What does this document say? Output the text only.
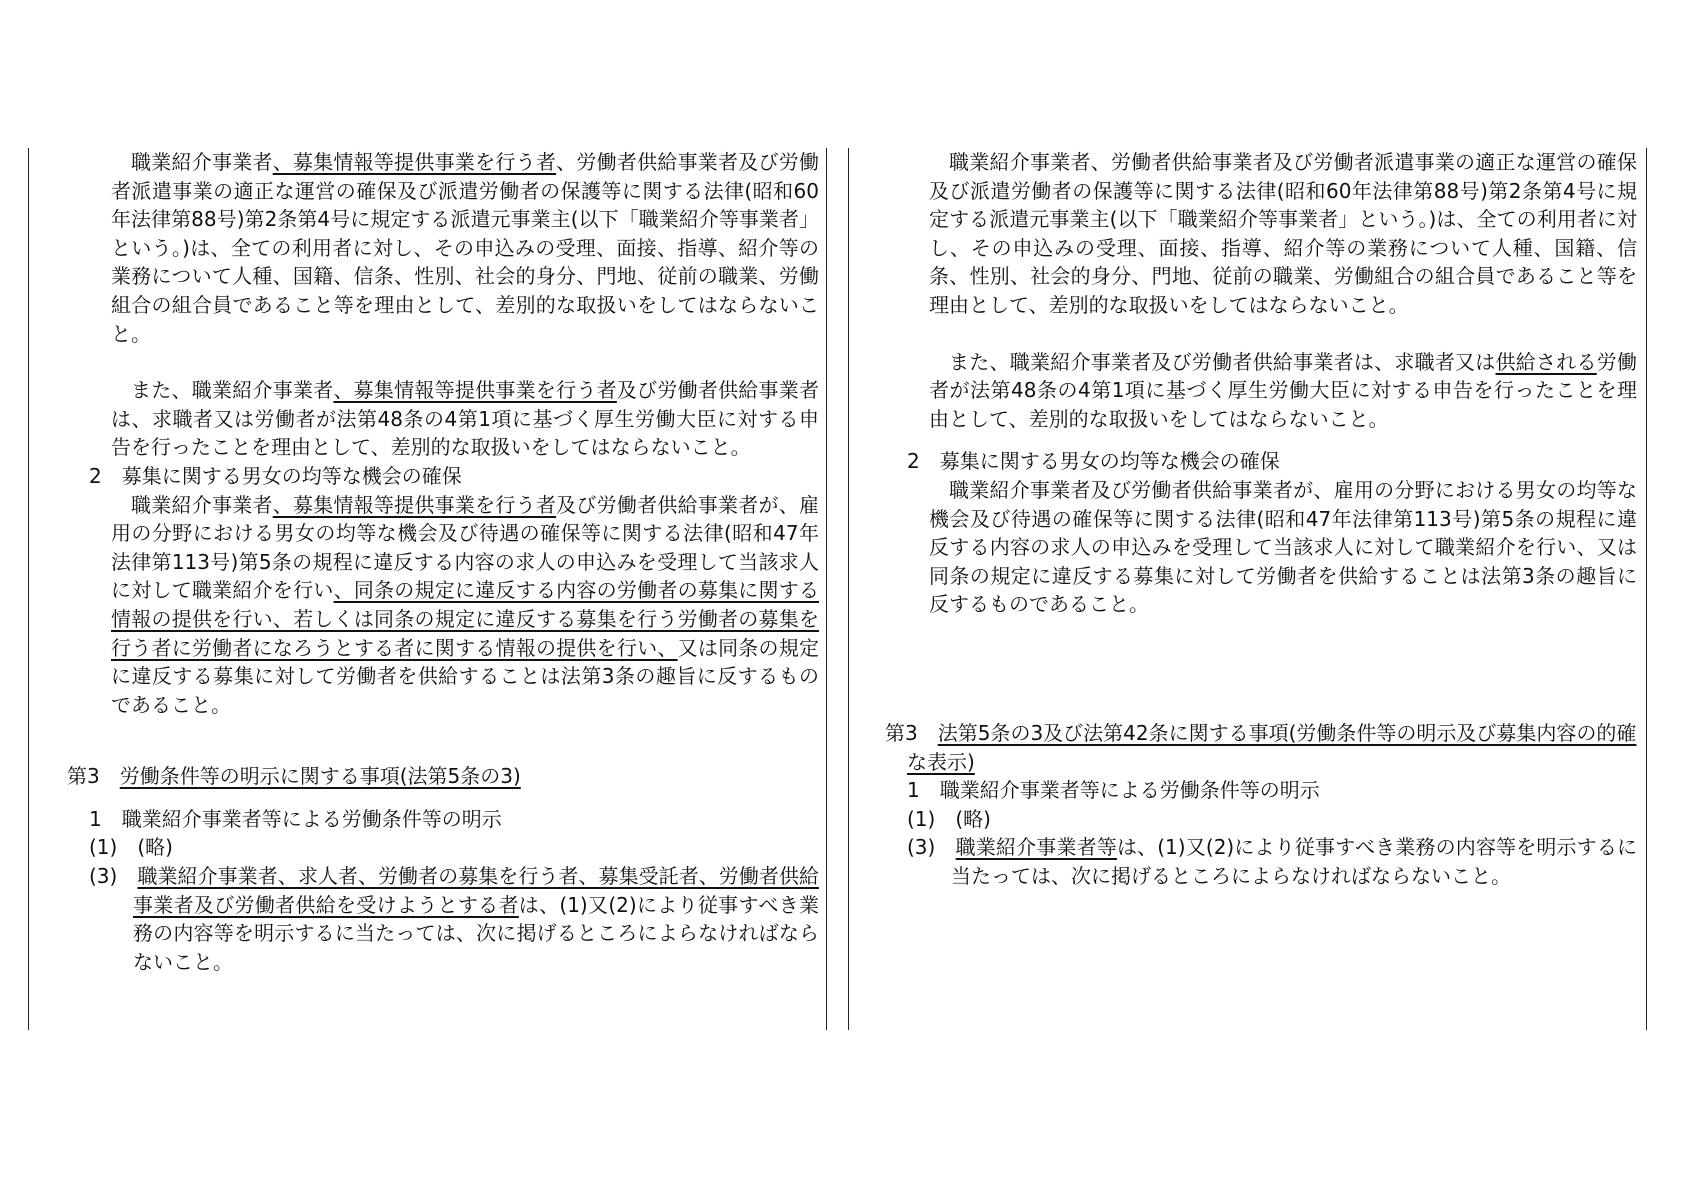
職業紹介事業者、募集情報等提供事業を行う者、労働者供給事業者及び労働者派遣事業の適正な運営の確保及び派遣労働者の保護等に関する法律(昭和60年法律第88号)第2条第4号に規定する派遣元事業主(以下「職業紹介等事業者」という。)は、全ての利用者に対し、その申込みの受理、面接、指導、紹介等の業務について人種、国籍、信条、性別、社会的身分、門地、従前の職業、労働組合の組合員であること等を理由として、差別的な取扱いをしてはならないこと。
また、職業紹介事業者、募集情報等提供事業を行う者及び労働者供給事業者は、求職者又は労働者が法第48条の4第1項に基づく厚生労働大臣に対する申告を行ったことを理由として、差別的な取扱いをしてはならないこと。
2　募集に関する男女の均等な機会の確保
職業紹介事業者、募集情報等提供事業を行う者及び労働者供給事業者が、雇用の分野における男女の均等な機会及び待遇の確保等に関する法律(昭和47年法律第113号)第5条の規程に違反する内容の求人の申込みを受理して当該求人に対して職業紹介を行い、同条の規定に違反する内容の労働者の募集に関する情報の提供を行い、若しくは同条の規定に違反する募集を行う労働者の募集を行う者に労働者になろうとする者に関する情報の提供を行い、又は同条の規定に違反する募集に対して労働者を供給することは法第3条の趣旨に反するものであること。
第3　労働条件等の明示に関する事項(法第5条の3)
1　職業紹介事業者等による労働条件等の明示
(1)　(略)
(3)　職業紹介事業者、求人者、労働者の募集を行う者、募集受託者、労働者供給事業者及び労働者供給を受けようとする者は、(1)又(2)により従事すべき業務の内容等を明示するに当たっては、次に掲げるところによらなければならないこと。
職業紹介事業者、労働者供給事業者及び労働者派遣事業の適正な運営の確保及び派遣労働者の保護等に関する法律(昭和60年法律第88号)第2条第4号に規定する派遣元事業主(以下「職業紹介等事業者」という。)は、全ての利用者に対し、その申込みの受理、面接、指導、紹介等の業務について人種、国籍、信条、性別、社会的身分、門地、従前の職業、労働組合の組合員であること等を理由として、差別的な取扱いをしてはならないこと。
また、職業紹介事業者及び労働者供給事業者は、求職者又は供給される労働者が法第48条の4第1項に基づく厚生労働大臣に対する申告を行ったことを理由として、差別的な取扱いをしてはならないこと。
2　募集に関する男女の均等な機会の確保
職業紹介事業者及び労働者供給事業者が、雇用の分野における男女の均等な機会及び待遇の確保等に関する法律(昭和47年法律第113号)第5条の規程に違反する内容の求人の申込みを受理して当該求人に対して職業紹介を行い、又は同条の規定に違反する募集に対して労働者を供給することは法第3条の趣旨に反するものであること。
第3　法第5条の3及び法第42条に関する事項(労働条件等の明示及び募集内容の的確な表示)
1　職業紹介事業者等による労働条件等の明示
(1)　(略)
(3)　職業紹介事業者等は、(1)又(2)により従事すべき業務の内容等を明示するに当たっては、次に掲げるところによらなければならないこと。
